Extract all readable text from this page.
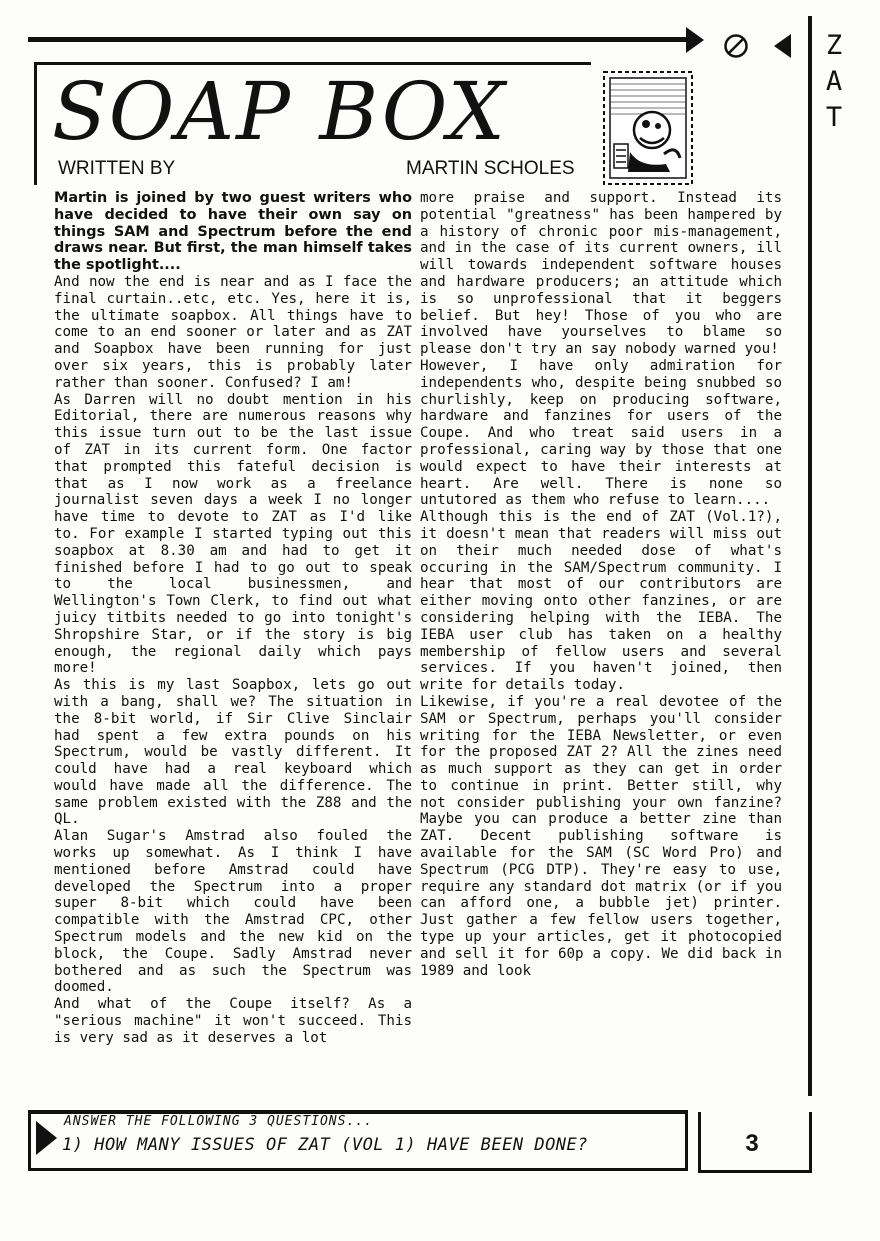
Z
A
T
SOAP BOX
WRITTEN BY	MARTIN SCHOLES

Martin is joined by two guest writers who have decided to have their own say on things SAM and Spectrum before the end draws near. But first, the man himself takes the spotlight....

And now the end is near and as I face the final curtain..etc, etc. Yes, here it is, the ultimate soapbox. All things have to come to an end sooner or later and as ZAT and Soapbox have been running for just over six years, this is probably later rather than sooner. Confused? I am!

As Darren will no doubt mention in his Editorial, there are numerous reasons why this issue turn out to be the last issue of ZAT in its current form. One factor that prompted this fateful decision is that as I now work as a freelance journalist seven days a week I no longer have time to devote to ZAT as I'd like to. For example I started typing out this soapbox at 8.30 am and had to get it finished before I had to go out to speak to the local businessmen, and Wellington's Town Clerk, to find out what juicy titbits needed to go into tonight's Shropshire Star, or if the story is big enough, the regional daily which pays more!

As this is my last Soapbox, lets go out with a bang, shall we? The situation in the 8-bit world, if Sir Clive Sinclair had spent a few extra pounds on his Spectrum, would be vastly different. It could have had a real keyboard which would have made all the difference. The same problem existed with the Z88 and the QL.

Alan Sugar's Amstrad also fouled the works up somewhat. As I think I have mentioned before Amstrad could have developed the Spectrum into a proper super 8-bit which could have been compatible with the Amstrad CPC, other Spectrum models and the new kid on the block, the Coupe. Sadly Amstrad never bothered and as such the Spectrum was doomed.

And what of the Coupe itself? As a "serious machine" it won't succeed. This is very sad as it deserves a lot

more praise and support. Instead its potential "greatness" has been hampered by a history of chronic poor mis-management, and in the case of its current owners, ill will towards independent software houses and hardware producers; an attitude which is so unprofessional that it beggers belief. But hey! Those of you who are involved have yourselves to blame so please don't try an say nobody warned you!

However, I have only admiration for independents who, despite being snubbed so churlishly, keep on producing software, hardware and fanzines for users of the Coupe. And who treat said users in a professional, caring way by those that one would expect to have their interests at heart. Are well. There is none so untutored as them who refuse to learn....

Although this is the end of ZAT (Vol.1?), it doesn't mean that readers will miss out on their much needed dose of what's occuring in the SAM/Spectrum community. I hear that most of our contributors are either moving onto other fanzines, or are considering helping with the IEBA. The IEBA user club has taken on a healthy membership of fellow users and several services. If you haven't joined, then write for details today.

Likewise, if you're a real devotee of the SAM or Spectrum, perhaps you'll consider writing for the IEBA Newsletter, or even for the proposed ZAT 2? All the zines need as much support as they can get in order to continue in print. Better still, why not consider publishing your own fanzine? Maybe you can produce a better zine than ZAT. Decent publishing software is available for the SAM (SC Word Pro) and Spectrum (PCG DTP). They're easy to use, require any standard dot matrix (or if you can afford one, a bubble jet) printer. Just gather a few fellow users together, type up your articles, get it photocopied and sell it for 60p a copy. We did back in 1989 and look

ANSWER THE FOLLOWING 3 QUESTIONS...
1) HOW MANY ISSUES OF ZAT (VOL 1) HAVE BEEN DONE?	3
